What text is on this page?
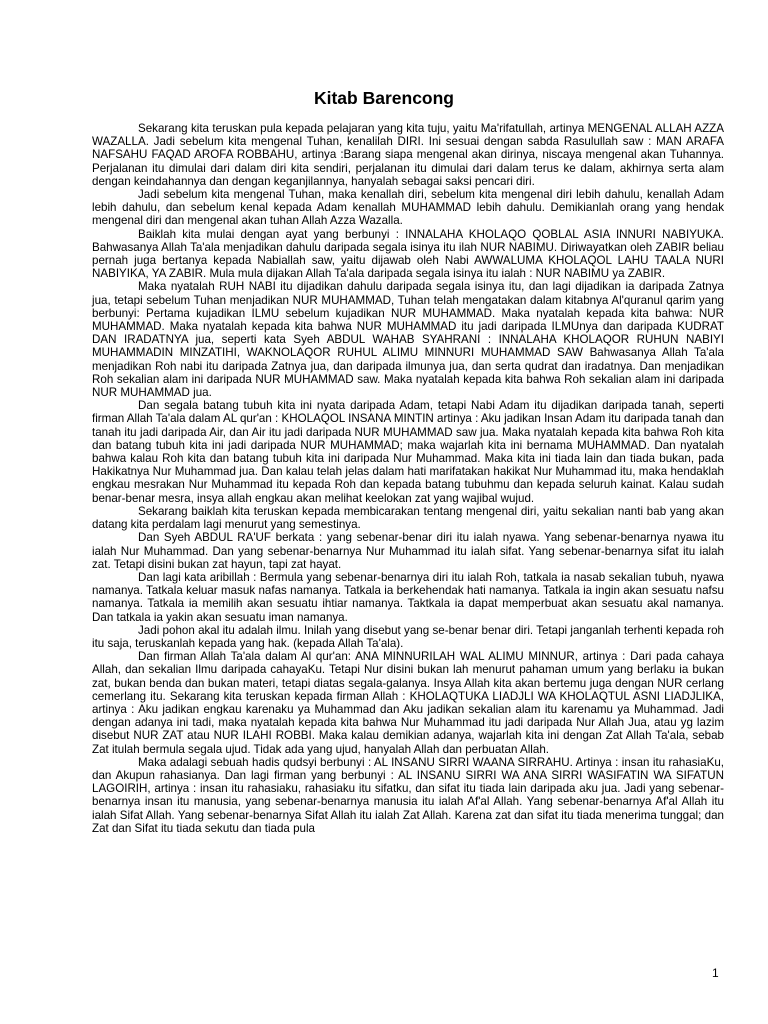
Kitab Barencong

Sekarang kita teruskan pula kepada pelajaran yang kita tuju, yaitu Ma'rifatullah, artinya MENGENAL ALLAH AZZA WAZALLA. Jadi sebelum kita mengenal Tuhan, kenalilah DIRI. Ini sesuai dengan sabda Rasulullah saw : MAN ARAFA NAFSAHU FAQAD AROFA ROBBAHU, artinya :Barang siapa mengenal akan dirinya, niscaya mengenal akan Tuhannya. Perjalanan itu dimulai dari dalam diri kita sendiri, perjalanan itu dimulai dari dalam terus ke dalam, akhirnya serta alam dengan keindahannya dan dengan keganjilannya, hanyalah sebagai saksi pencari diri.

Jadi sebelum kita mengenal Tuhan, maka kenallah diri, sebelum kita mengenal diri lebih dahulu, kenallah Adam lebih dahulu, dan sebelum kenal kepada Adam kenallah MUHAMMAD lebih dahulu. Demikianlah orang yang hendak mengenal diri dan mengenal akan tuhan Allah Azza Wazalla.

Baiklah kita mulai dengan ayat yang berbunyi : INNALAHA KHOLAQO QOBLAL ASIA INNURI NABIYUKA. Bahwasanya Allah Ta'ala menjadikan dahulu daripada segala isinya itu ilah NUR NABIMU. Diriwayatkan oleh ZABIR beliau pernah juga bertanya kepada Nabiallah saw, yaitu dijawab oleh Nabi AWWALUMA KHOLAQOL LAHU TAALA NURI NABIYIKA, YA ZABIR. Mula mula dijakan Allah Ta'ala daripada segala isinya itu ialah : NUR NABIMU ya ZABIR.

Maka nyatalah RUH NABI itu dijadikan dahulu daripada segala isinya itu, dan lagi dijadikan ia daripada Zatnya jua, tetapi sebelum Tuhan menjadikan NUR MUHAMMAD, Tuhan telah mengatakan dalam kitabnya Al'quranul qarim yang berbunyi: Pertama kujadikan ILMU sebelum kujadikan NUR MUHAMMAD. Maka nyatalah kepada kita bahwa: NUR MUHAMMAD. Maka nyatalah kepada kita bahwa NUR MUHAMMAD itu jadi daripada ILMUnya dan daripada KUDRAT DAN IRADATNYA jua, seperti kata Syeh ABDUL WAHAB SYAHRANI : INNALAHA KHOLAQOR RUHUN NABIYI MUHAMMADIN MINZATIHI, WAKNOLAQOR RUHUL ALIMU MINNURI MUHAMMAD SAW Bahwasanya Allah Ta'ala menjadikan Roh nabi itu daripada Zatnya jua, dan daripada ilmunya jua, dan serta qudrat dan iradatnya. Dan menjadikan Roh sekalian alam ini daripada NUR MUHAMMAD saw. Maka nyatalah kepada kita bahwa Roh sekalian alam ini daripada NUR MUHAMMAD jua.

Dan segala batang tubuh kita ini nyata daripada Adam, tetapi Nabi Adam itu dijadikan daripada tanah, seperti firman Allah Ta'ala dalam AL qur'an : KHOLAQOL INSANA MINTIN artinya : Aku jadikan Insan Adam itu daripada tanah dan tanah itu jadi daripada Air, dan Air itu jadi daripada NUR MUHAMMAD saw jua. Maka nyatalah kepada kita bahwa Roh kita dan batang tubuh kita ini jadi daripada NUR MUHAMMAD; maka wajarlah kita ini bernama MUHAMMAD. Dan nyatalah bahwa kalau Roh kita dan batang tubuh kita ini daripada Nur Muhammad. Maka kita ini tiada lain dan tiada bukan, pada Hakikatnya Nur Muhammad jua. Dan kalau telah jelas dalam hati marifatakan hakikat Nur Muhammad itu, maka hendaklah engkau mesrakan Nur Muhammad itu kepada Roh dan kepada batang tubuhmu dan kepada seluruh kainat. Kalau sudah benar-benar mesra, insya allah engkau akan melihat keelokan zat yang wajibal wujud.

Sekarang baiklah kita teruskan kepada membicarakan tentang mengenal diri, yaitu sekalian nanti bab yang akan datang kita perdalam lagi menurut yang semestinya.

Dan Syeh ABDUL RA'UF berkata : yang sebenar-benar diri itu ialah nyawa. Yang sebenar-benarnya nyawa itu ialah Nur Muhammad. Dan yang sebenar-benarnya Nur Muhammad itu ialah sifat. Yang sebenar-benarnya sifat itu ialah zat. Tetapi disini bukan zat hayun, tapi zat hayat.

Dan lagi kata aribillah : Bermula yang sebenar-benarnya diri itu ialah Roh, tatkala ia nasab sekalian tubuh, nyawa namanya. Tatkala keluar masuk nafas namanya. Tatkala ia berkehendak hati namanya. Tatkala ia ingin akan sesuatu nafsu namanya. Tatkala ia memilih akan sesuatu ihtiar namanya. Taktkala ia dapat memperbuat akan sesuatu akal namanya. Dan tatkala ia yakin akan sesuatu iman namanya.

Jadi pohon akal itu adalah ilmu. Inilah yang disebut yang se-benar benar diri. Tetapi janganlah terhenti kepada roh itu saja, teruskanlah kepada yang hak. (kepada Allah Ta'ala).

Dan firman Allah Ta'ala dalam Al qur'an: ANA MINNURILAH WAL ALIMU MINNUR, artinya : Dari pada cahaya Allah, dan sekalian Ilmu daripada cahayaKu. Tetapi Nur disini bukan lah menurut pahaman umum yang berlaku ia bukan zat, bukan benda dan bukan materi, tetapi diatas segala-galanya. Insya Allah kita akan bertemu juga dengan NUR cerlang cemerlang itu. Sekarang kita teruskan kepada firman Allah : KHOLAQTUKA LIADJLI WA KHOLAQTUL ASNI LIADJLIKA, artinya : Aku jadikan engkau karenaku ya Muhammad dan Aku jadikan sekalian alam itu karenamu ya Muhammad. Jadi dengan adanya ini tadi, maka nyatalah kepada kita bahwa Nur Muhammad itu jadi daripada Nur Allah Jua, atau yg lazim disebut NUR ZAT atau NUR ILAHI ROBBI. Maka kalau demikian adanya, wajarlah kita ini dengan Zat Allah Ta'ala, sebab Zat itulah bermula segala ujud. Tidak ada yang ujud, hanyalah Allah dan perbuatan Allah.

Maka adalagi sebuah hadis qudsyi berbunyi : AL INSANU SIRRI WAANA SIRRAHU. Artinya : insan itu rahasiaKu, dan Akupun rahasianya. Dan lagi firman yang berbunyi : AL INSANU SIRRI WA ANA SIRRI WASIFATIN WA SIFATUN LAGOIRIH, artinya : insan itu rahasiaku, rahasiaku itu sifatku, dan sifat itu tiada lain daripada aku jua. Jadi yang sebenar-benarnya insan itu manusia, yang sebenar-benarnya manusia itu ialah Af'al Allah. Yang sebenar-benarnya Af'al Allah itu ialah Sifat Allah. Yang sebenar-benarnya Sifat Allah itu ialah Zat Allah. Karena zat dan sifat itu tiada menerima tunggal; dan Zat dan Sifat itu tiada sekutu dan tiada pula

1
